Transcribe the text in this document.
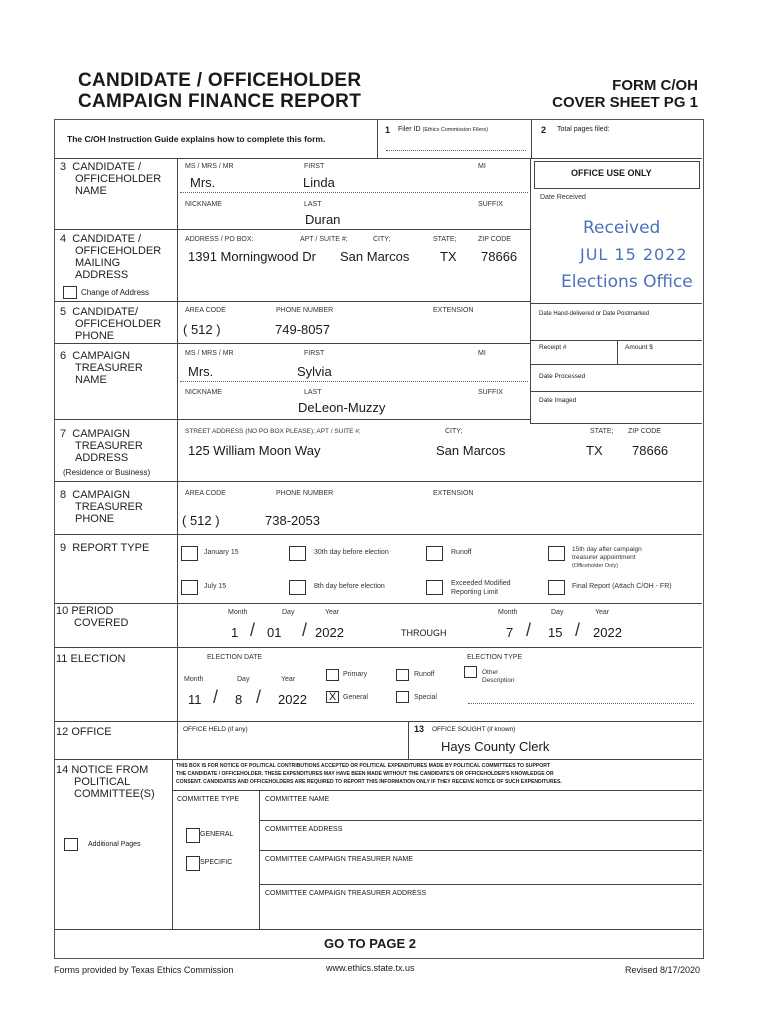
CANDIDATE / OFFICEHOLDER
CAMPAIGN FINANCE REPORT
FORM C/OH
COVER SHEET PG 1
The C/OH Instruction Guide explains how to complete this form.
1 Filer ID (Ethics Commission Filers)	2 Total pages filed:
3 CANDIDATE /
OFFICEHOLDER
NAME
MS / MRS / MR	FIRST	MI
Mrs.	Linda
NICKNAME	LAST	SUFFIX
Duran
4 CANDIDATE /
OFFICEHOLDER
MAILING
ADDRESS
Change of Address
ADDRESS / PO BOX:	APT / SUITE #;	CITY;	STATE;	ZIP CODE
1391 Morningwood Dr San Marcos TX 78666
5 CANDIDATE/
OFFICEHOLDER
PHONE
AREA CODE	PHONE NUMBER	EXTENSION
( 512 )	749-8057
OFFICE USE ONLY
Date Received
Received
JUL 15 2022
Elections Office
Date Hand-delivered or Date Postmarked
Receipt #	Amount $
Date Processed
Date Imaged
6 CAMPAIGN
TREASURER
NAME
MS / MRS / MR	FIRST	MI
Mrs.	Sylvia
NICKNAME	LAST	SUFFIX
DeLeon-Muzzy
7 CAMPAIGN
TREASURER
ADDRESS
(Residence or Business)
STREET ADDRESS (NO PO BOX PLEASE); APT / SUITE #;	CITY;	STATE; ZIP CODE
125 William Moon Way	San Marcos	TX 78666
8 CAMPAIGN
TREASURER
PHONE
AREA CODE	PHONE NUMBER	EXTENSION
( 512 )	738-2053
9 REPORT TYPE	January 15	30th day before election	Runoff	15th day after campaign
treasurer appointment
(Officeholder Only)
July 15	8th day before election	Exceeded Modified
Reporting Limit
Final Report (Attach C/OH - FR)
10 PERIOD
COVERED
Month	Day	Year
1 / 01 / 2022	THROUGH
Month	Day	Year
7 / 15 / 2022
11 ELECTION	ELECTION DATE	ELECTION TYPE
Month	Day	Year
11 / 8 / 2022
Primary	Runoff	Other
Description
X General	Special
12 OFFICE	OFFICE HELD (if any)	13 OFFICE SOUGHT (if known)
Hays County Clerk
14 NOTICE FROM
POLITICAL
COMMITTEE(S)
Additional Pages
THIS BOX IS FOR NOTICE OF POLITICAL CONTRIBUTIONS ACCEPTED OR POLITICAL EXPENDITURES MADE BY POLITICAL COMMITTEES TO SUPPORT
THE CANDIDATE / OFFICEHOLDER. THESE EXPENDITURES MAY HAVE BEEN MADE WITHOUT THE CANDIDATE'S OR OFFICEHOLDER'S KNOWLEDGE OR
CONSENT. CANDIDATES AND OFFICEHOLDERS ARE REQUIRED TO REPORT THIS INFORMATION ONLY IF THEY RECEIVE NOTICE OF SUCH EXPENDITURES.
COMMITTEE TYPE	COMMITTEE NAME
COMMITTEE ADDRESS
GENERAL
SPECIFIC	COMMITTEE CAMPAIGN TREASURER NAME
COMMITTEE CAMPAIGN TREASURER ADDRESS
GO TO PAGE 2
Forms provided by Texas Ethics Commission	www.ethics.state.tx.us	Revised 8/17/2020
